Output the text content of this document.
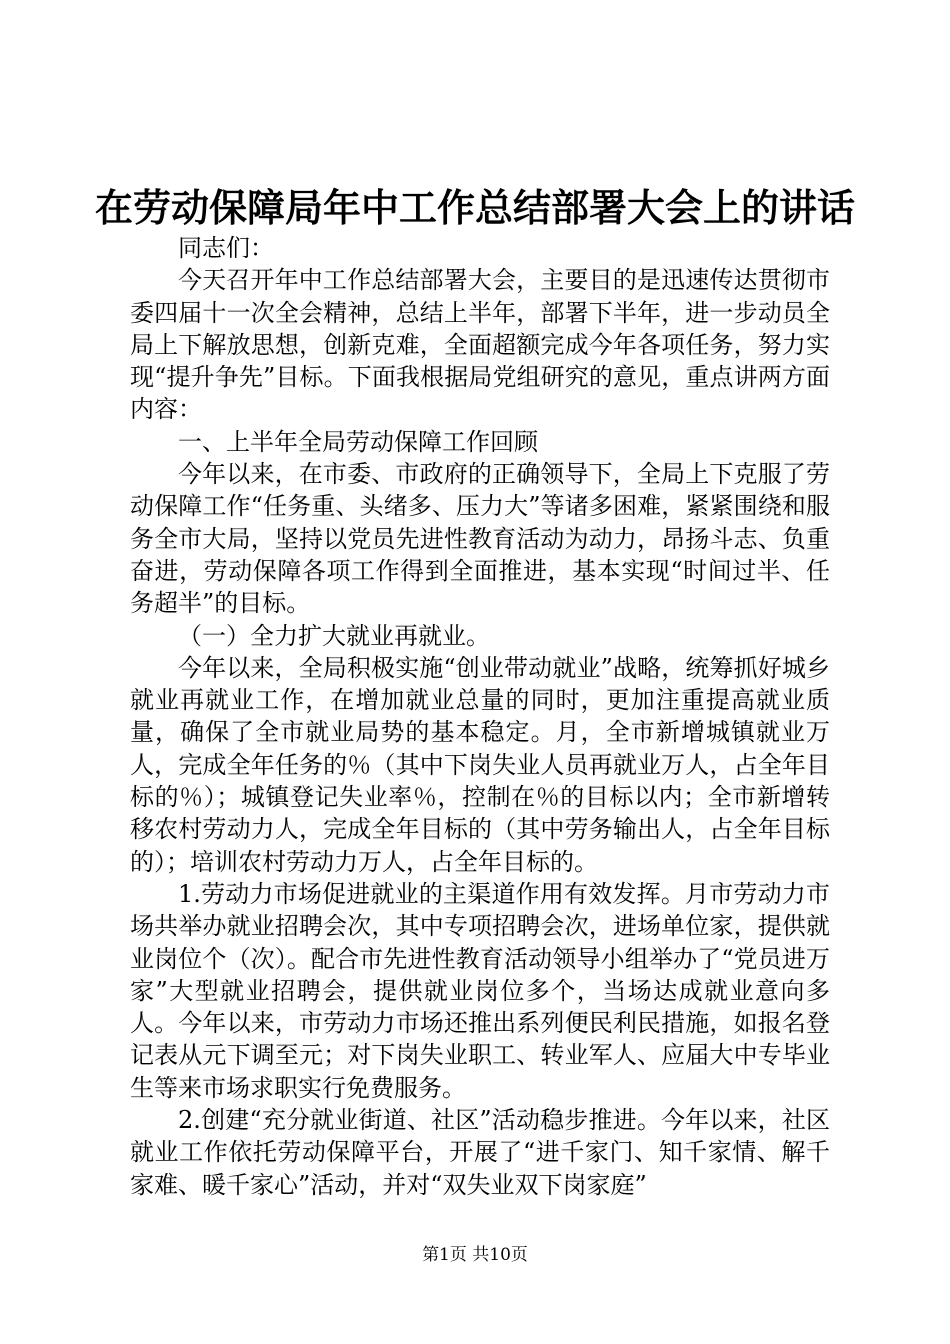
在劳动保障局年中工作总结部署大会上的讲话

同志们：

今天召开年中工作总结部署大会，主要目的是迅速传达贯彻市委四届十一次全会精神，总结上半年，部署下半年，进一步动员全局上下解放思想，创新克难，全面超额完成今年各项任务，努力实现“提升争先”目标。下面我根据局党组研究的意见，重点讲两方面内容：

一、上半年全局劳动保障工作回顾

今年以来，在市委、市政府的正确领导下，全局上下克服了劳动保障工作“任务重、头绪多、压力大”等诸多困难，紧紧围绕和服务全市大局，坚持以党员先进性教育活动为动力，昂扬斗志、负重奋进，劳动保障各项工作得到全面推进，基本实现“时间过半、任务超半”的目标。

（一）全力扩大就业再就业。

今年以来，全局积极实施“创业带动就业”战略，统筹抓好城乡就业再就业工作，在增加就业总量的同时，更加注重提高就业质量，确保了全市就业局势的基本稳定。月，全市新增城镇就业万人，完成全年任务的％（其中下岗失业人员再就业万人，占全年目标的％）；城镇登记失业率％，控制在％的目标以内；全市新增转移农村劳动力人，完成全年目标的（其中劳务输出人，占全年目标的）；培训农村劳动力万人，占全年目标的。

1.劳动力市场促进就业的主渠道作用有效发挥。月市劳动力市场共举办就业招聘会次，其中专项招聘会次，进场单位家，提供就业岗位个（次）。配合市先进性教育活动领导小组举办了“党员进万家”大型就业招聘会，提供就业岗位多个，当场达成就业意向多人。今年以来，市劳动力市场还推出系列便民利民措施，如报名登记表从元下调至元；对下岗失业职工、转业军人、应届大中专毕业生等来市场求职实行免费服务。

2.创建“充分就业街道、社区”活动稳步推进。今年以来，社区就业工作依托劳动保障平台，开展了“进千家门、知千家情、解千家难、暖千家心”活动，并对“双失业双下岗家庭”

第1页 共10页
